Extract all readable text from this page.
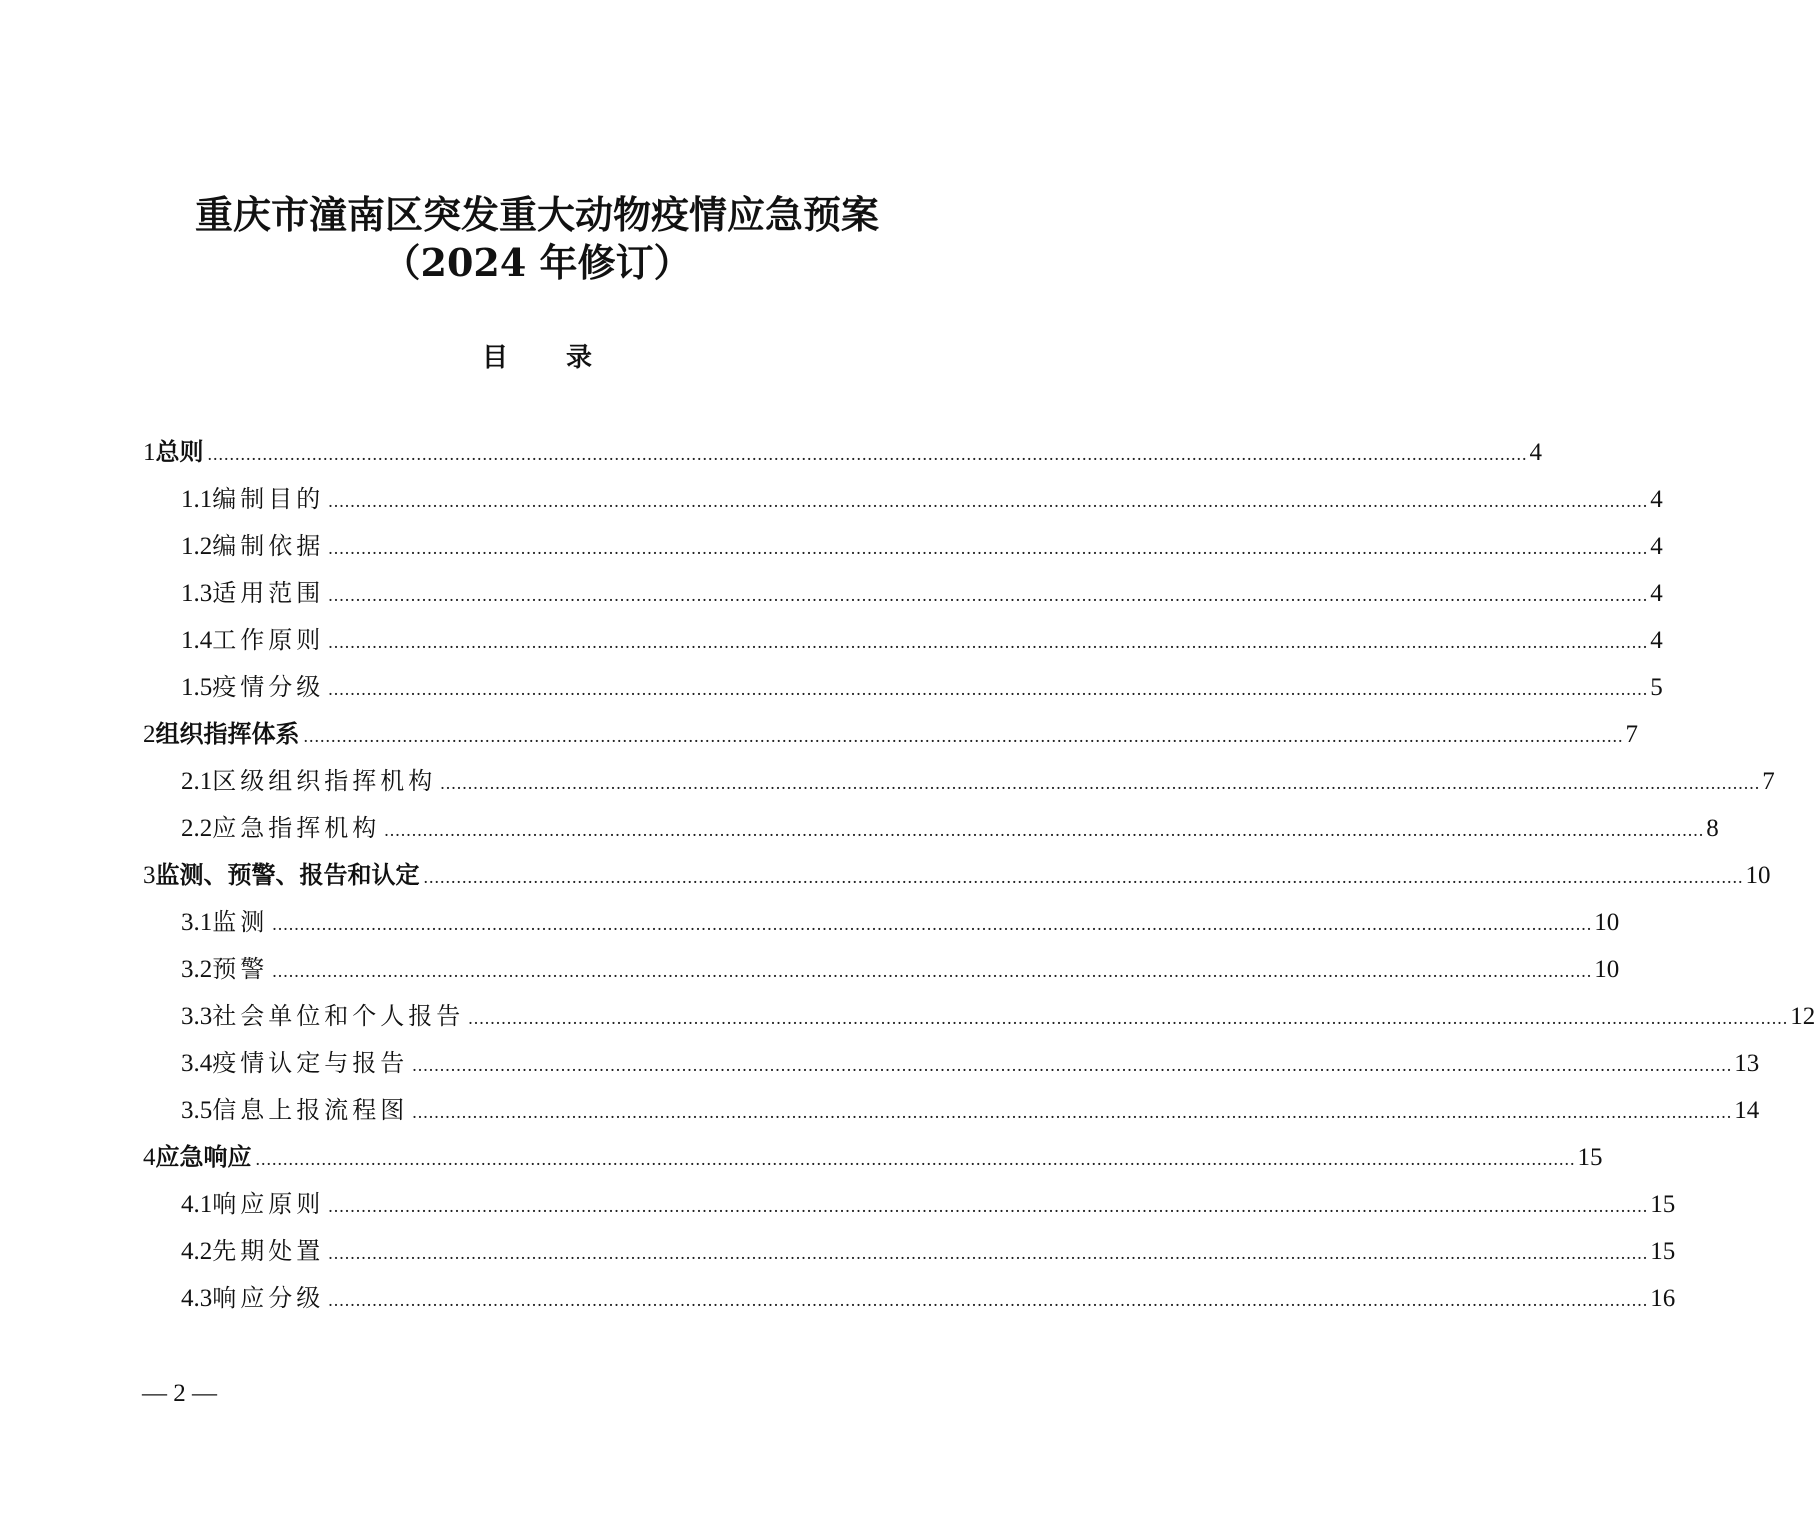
重庆市潼南区突发重大动物疫情应急预案
（2024 年修订）
目录
1 总则 ................................................................................................................................................................................................................................................ 4
1.1 编制目的 ................................................................................................................................................................................................................................................ 4
1.2 编制依据 ................................................................................................................................................................................................................................................ 4
1.3 适用范围 ................................................................................................................................................................................................................................................ 4
1.4 工作原则 ................................................................................................................................................................................................................................................ 4
1.5 疫情分级 ................................................................................................................................................................................................................................................ 5
2 组织指挥体系 ................................................................................................................................................................................................................................................ 7
2.1 区级组织指挥机构 ................................................................................................................................................................................................................................................ 7
2.2 应急指挥机构 ................................................................................................................................................................................................................................................ 8
3 监测、预警、报告和认定 ................................................................................................................................................................................................................................................ 10
3.1 监测 ................................................................................................................................................................................................................................................ 10
3.2 预警 ................................................................................................................................................................................................................................................ 10
3.3 社会单位和个人报告 ................................................................................................................................................................................................................................................ 12
3.4 疫情认定与报告 ................................................................................................................................................................................................................................................ 13
3.5 信息上报流程图 ................................................................................................................................................................................................................................................ 14
4 应急响应 ................................................................................................................................................................................................................................................ 15
4.1 响应原则 ................................................................................................................................................................................................................................................ 15
4.2 先期处置 ................................................................................................................................................................................................................................................ 15
4.3 响应分级 ................................................................................................................................................................................................................................................ 16
— 2 —
